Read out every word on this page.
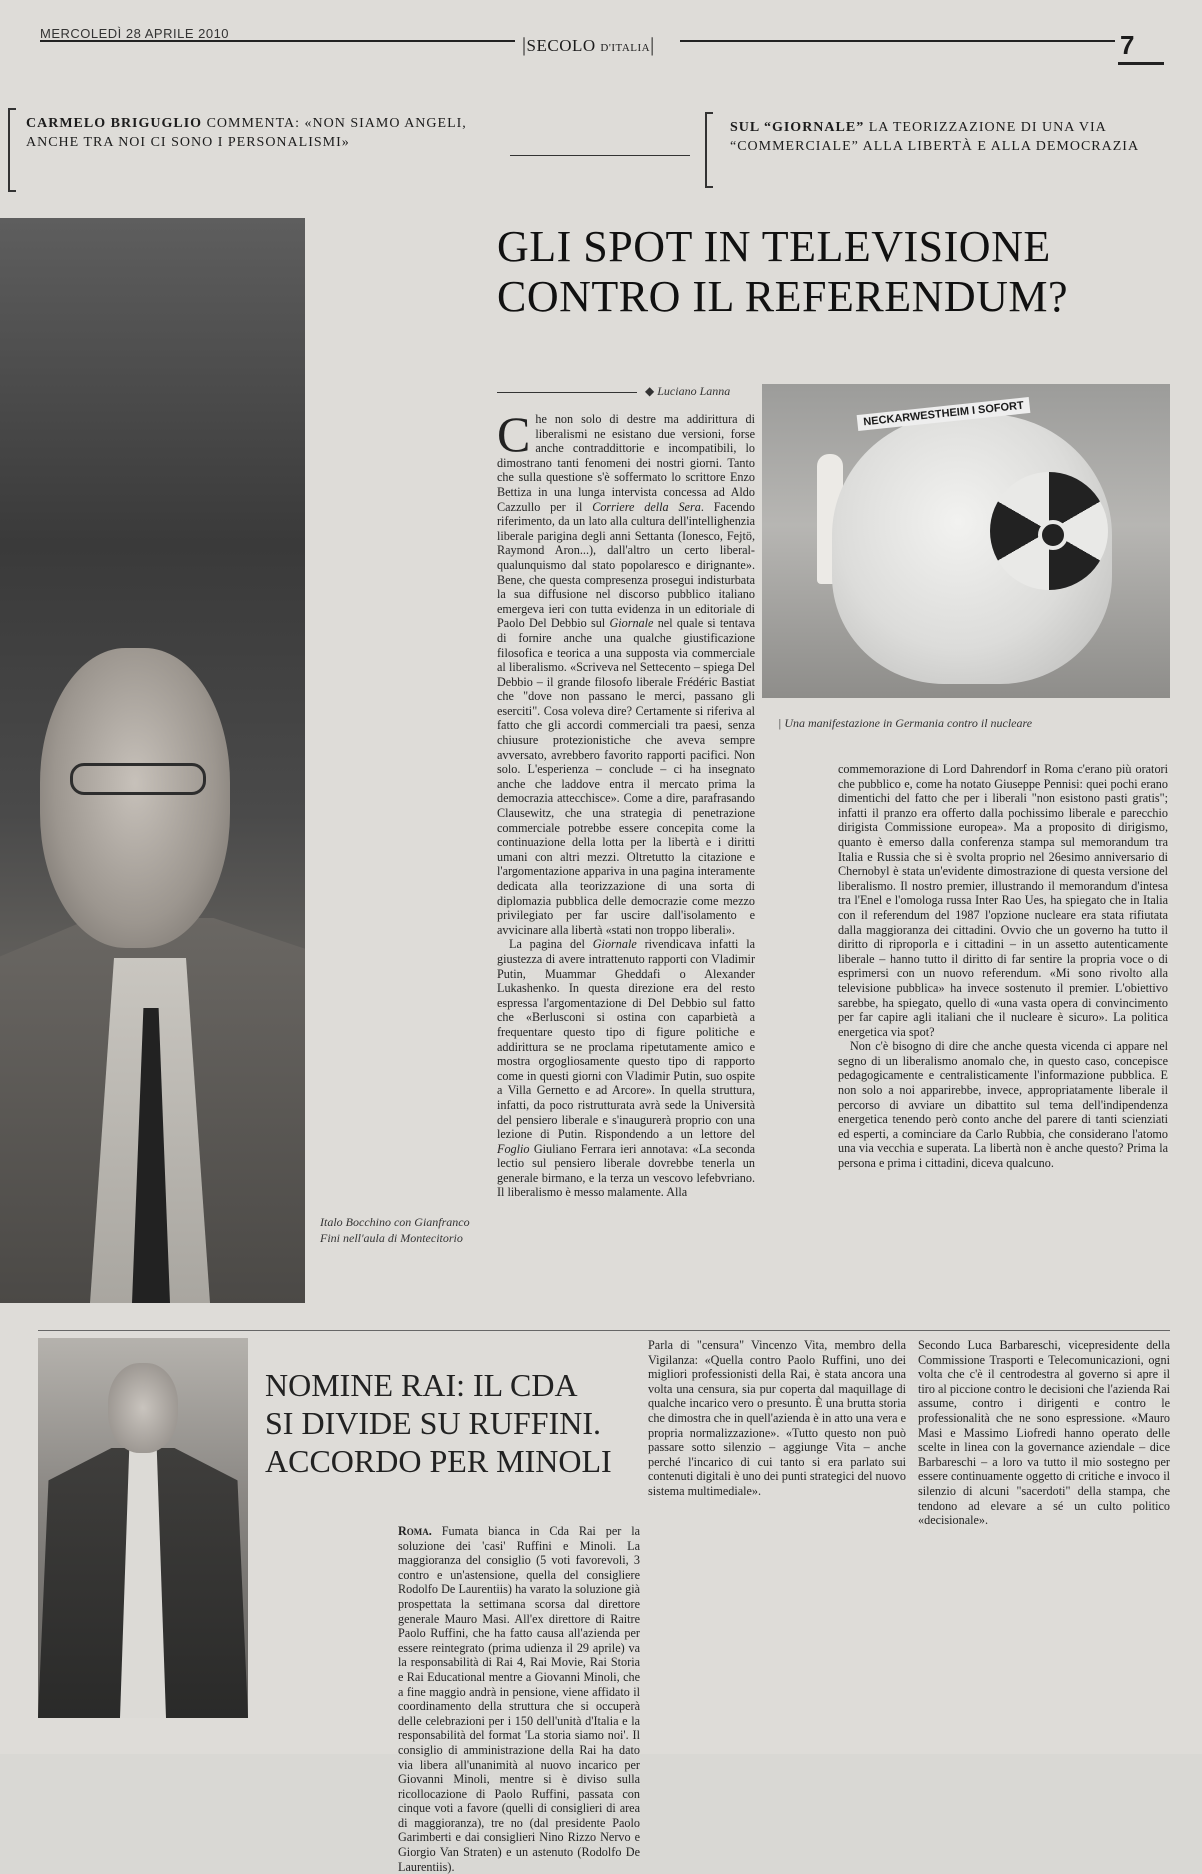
MERCOLEDÌ 28 APRILE 2010
|SECOLO D'ITALIA|	7
CARMELO BRIGUGLIO COMMENTA: «NON SIAMO ANGELI, ANCHE TRA NOI CI SONO I PERSONALISMI»
SUL “GIORNALE” LA TEORIZZAZIONE DI UNA VIA “COMMERCIALE” ALLA LIBERTÀ E ALLA DEMOCRAZIA
Italo Bocchino con Gianfranco Fini nell'aula di Montecitorio
GLI SPOT IN TELEVISIONE
CONTRO IL REFERENDUM?
◆ Luciano Lanna
NECKARWESTHEIM I SOFORT
| Una manifestazione in Germania contro il nucleare

Che non solo di destre ma addirittura di liberalismi ne esistano due versioni, forse anche contraddittorie e incompatibili, lo dimostrano tanti fenomeni dei nostri giorni. Tanto che sulla questione s'è soffermato lo scrittore Enzo Bettiza in una lunga intervista concessa ad Aldo Cazzullo per il Corriere della Sera. Facendo riferimento, da un lato alla cultura dell'intellighenzia liberale parigina degli anni Settanta (Ionesco, Fejtö, Raymond Aron...), dall'altro un certo liberal-qualunquismo dal stato popolaresco e dirignante». Bene, che questa compresenza prosegui indisturbata la sua diffusione nel discorso pubblico italiano emergeva ieri con tutta evidenza in un editoriale di Paolo Del Debbio sul Giornale nel quale si tentava di fornire anche una qualche giustificazione filosofica e teorica a una supposta via commerciale al liberalismo. «Scriveva nel Settecento – spiega Del Debbio – il grande filosofo liberale Frédéric Bastiat che "dove non passano le merci, passano gli eserciti". Cosa voleva dire? Certamente si riferiva al fatto che gli accordi commerciali tra paesi, senza chiusure protezionistiche che aveva sempre avversato, avrebbero favorito rapporti pacifici. Non solo. L'esperienza – conclude – ci ha insegnato anche che laddove entra il mercato prima la democrazia attecchisce». Come a dire, parafrasando Clausewitz, che una strategia di penetrazione commerciale potrebbe essere concepita come la continuazione della lotta per la libertà e i diritti umani con altri mezzi. Oltretutto la citazione e l'argomentazione appariva in una pagina interamente dedicata alla teorizzazione di una sorta di diplomazia pubblica delle democrazie come mezzo privilegiato per far uscire dall'isolamento e avvicinare alla libertà «stati non troppo liberali».

La pagina del Giornale rivendicava infatti la giustezza di avere intrattenuto rapporti con Vladimir Putin, Muammar Gheddafi o Alexander Lukashenko. In questa direzione era del resto espressa l'argomentazione di Del Debbio sul fatto che «Berlusconi si ostina con caparbietà a frequentare questo tipo di figure politiche e addirittura se ne proclama ripetutamente amico e mostra orgogliosamente questo tipo di rapporto come in questi giorni con Vladimir Putin, suo ospite a Villa Gernetto e ad Arcore». In quella struttura, infatti, da poco ristrutturata avrà sede la Università del pensiero liberale e s'inaugurerà proprio con una lezione di Putin. Rispondendo a un lettore del Foglio Giuliano Ferrara ieri annotava: «La seconda lectio sul pensiero liberale dovrebbe tenerla un generale birmano, e la terza un vescovo lefebvriano. Il liberalismo è messo malamente. Alla

commemorazione di Lord Dahrendorf in Roma c'erano più oratori che pubblico e, come ha notato Giuseppe Pennisi: quei pochi erano dimentichi del fatto che per i liberali "non esistono pasti gratis"; infatti il pranzo era offerto dalla pochissimo liberale e parecchio dirigista Commissione europea». Ma a proposito di dirigismo, quanto è emerso dalla conferenza stampa sul memorandum tra Italia e Russia che si è svolta proprio nel 26esimo anniversario di Chernobyl è stata un'evidente dimostrazione di questa versione del liberalismo. Il nostro premier, illustrando il memorandum d'intesa tra l'Enel e l'omologa russa Inter Rao Ues, ha spiegato che in Italia con il referendum del 1987 l'opzione nucleare era stata rifiutata dalla maggioranza dei cittadini. Ovvio che un governo ha tutto il diritto di riproporla e i cittadini – in un assetto autenticamente liberale – hanno tutto il diritto di far sentire la propria voce o di esprimersi con un nuovo referendum. «Mi sono rivolto alla televisione pubblica» ha invece sostenuto il premier. L'obiettivo sarebbe, ha spiegato, quello di «una vasta opera di convincimento per far capire agli italiani che il nucleare è sicuro». La politica energetica via spot?

Non c'è bisogno di dire che anche questa vicenda ci appare nel segno di un liberalismo anomalo che, in questo caso, concepisce pedagogicamente e centralisticamente l'informazione pubblica. E non solo a noi apparirebbe, invece, appropriatamente liberale il percorso di avviare un dibattito sul tema dell'indipendenza energetica tenendo però conto anche del parere di tanti scienziati ed esperti, a cominciare da Carlo Rubbia, che considerano l'atomo una via vecchia e superata. La libertà non è anche questo? Prima la persona e prima i cittadini, diceva qualcuno.

NOMINE RAI: IL CDA
SI DIVIDE SU RUFFINI.
ACCORDO PER MINOLI

Roma. Fumata bianca in Cda Rai per la soluzione dei 'casi' Ruffini e Minoli. La maggioranza del consiglio (5 voti favorevoli, 3 contro e un'astensione, quella del consigliere Rodolfo De Laurentiis) ha varato la soluzione già prospettata la settimana scorsa dal direttore generale Mauro Masi. All'ex direttore di Raitre Paolo Ruffini, che ha fatto causa all'azienda per essere reintegrato (prima udienza il 29 aprile) va la responsabilità di Rai 4, Rai Movie, Rai Storia e Rai Educational mentre a Giovanni Minoli, che a fine maggio andrà in pensione, viene affidato il coordinamento della struttura che si occuperà delle celebrazioni per i 150 dell'unità d'Italia e la responsabilità del format 'La storia siamo noi'. Il consiglio di amministrazione della Rai ha dato via libera all'unanimità al nuovo incarico per Giovanni Minoli, mentre si è diviso sulla ricollocazione di Paolo Ruffini, passata con cinque voti a favore (quelli di consiglieri di area di maggioranza), tre no (dal presidente Paolo Garimberti e dai consiglieri Nino Rizzo Nervo e Giorgio Van Straten) e un astenuto (Rodolfo De Laurentiis).

Parla di "censura" Vincenzo Vita, membro della Vigilanza: «Quella contro Paolo Ruffini, uno dei migliori professionisti della Rai, è stata ancora una volta una censura, sia pur coperta dal maquillage di qualche incarico vero o presunto. È una brutta storia che dimostra che in quell'azienda è in atto una vera e propria normalizzazione». «Tutto questo non può passare sotto silenzio – aggiunge Vita – anche perché l'incarico di cui tanto si era parlato sui contenuti digitali è uno dei punti strategici del nuovo sistema multimediale».

Secondo Luca Barbareschi, vicepresidente della Commissione Trasporti e Telecomunicazioni, ogni volta che c'è il centrodestra al governo si apre il tiro al piccione contro le decisioni che l'azienda Rai assume, contro i dirigenti e contro le professionalità che ne sono espressione. «Mauro Masi e Massimo Liofredi hanno operato delle scelte in linea con la governance aziendale – dice Barbareschi – a loro va tutto il mio sostegno per essere continuamente oggetto di critiche e invoco il silenzio di alcuni "sacerdoti" della stampa, che tendono ad elevare a sé un culto politico «decisionale».
